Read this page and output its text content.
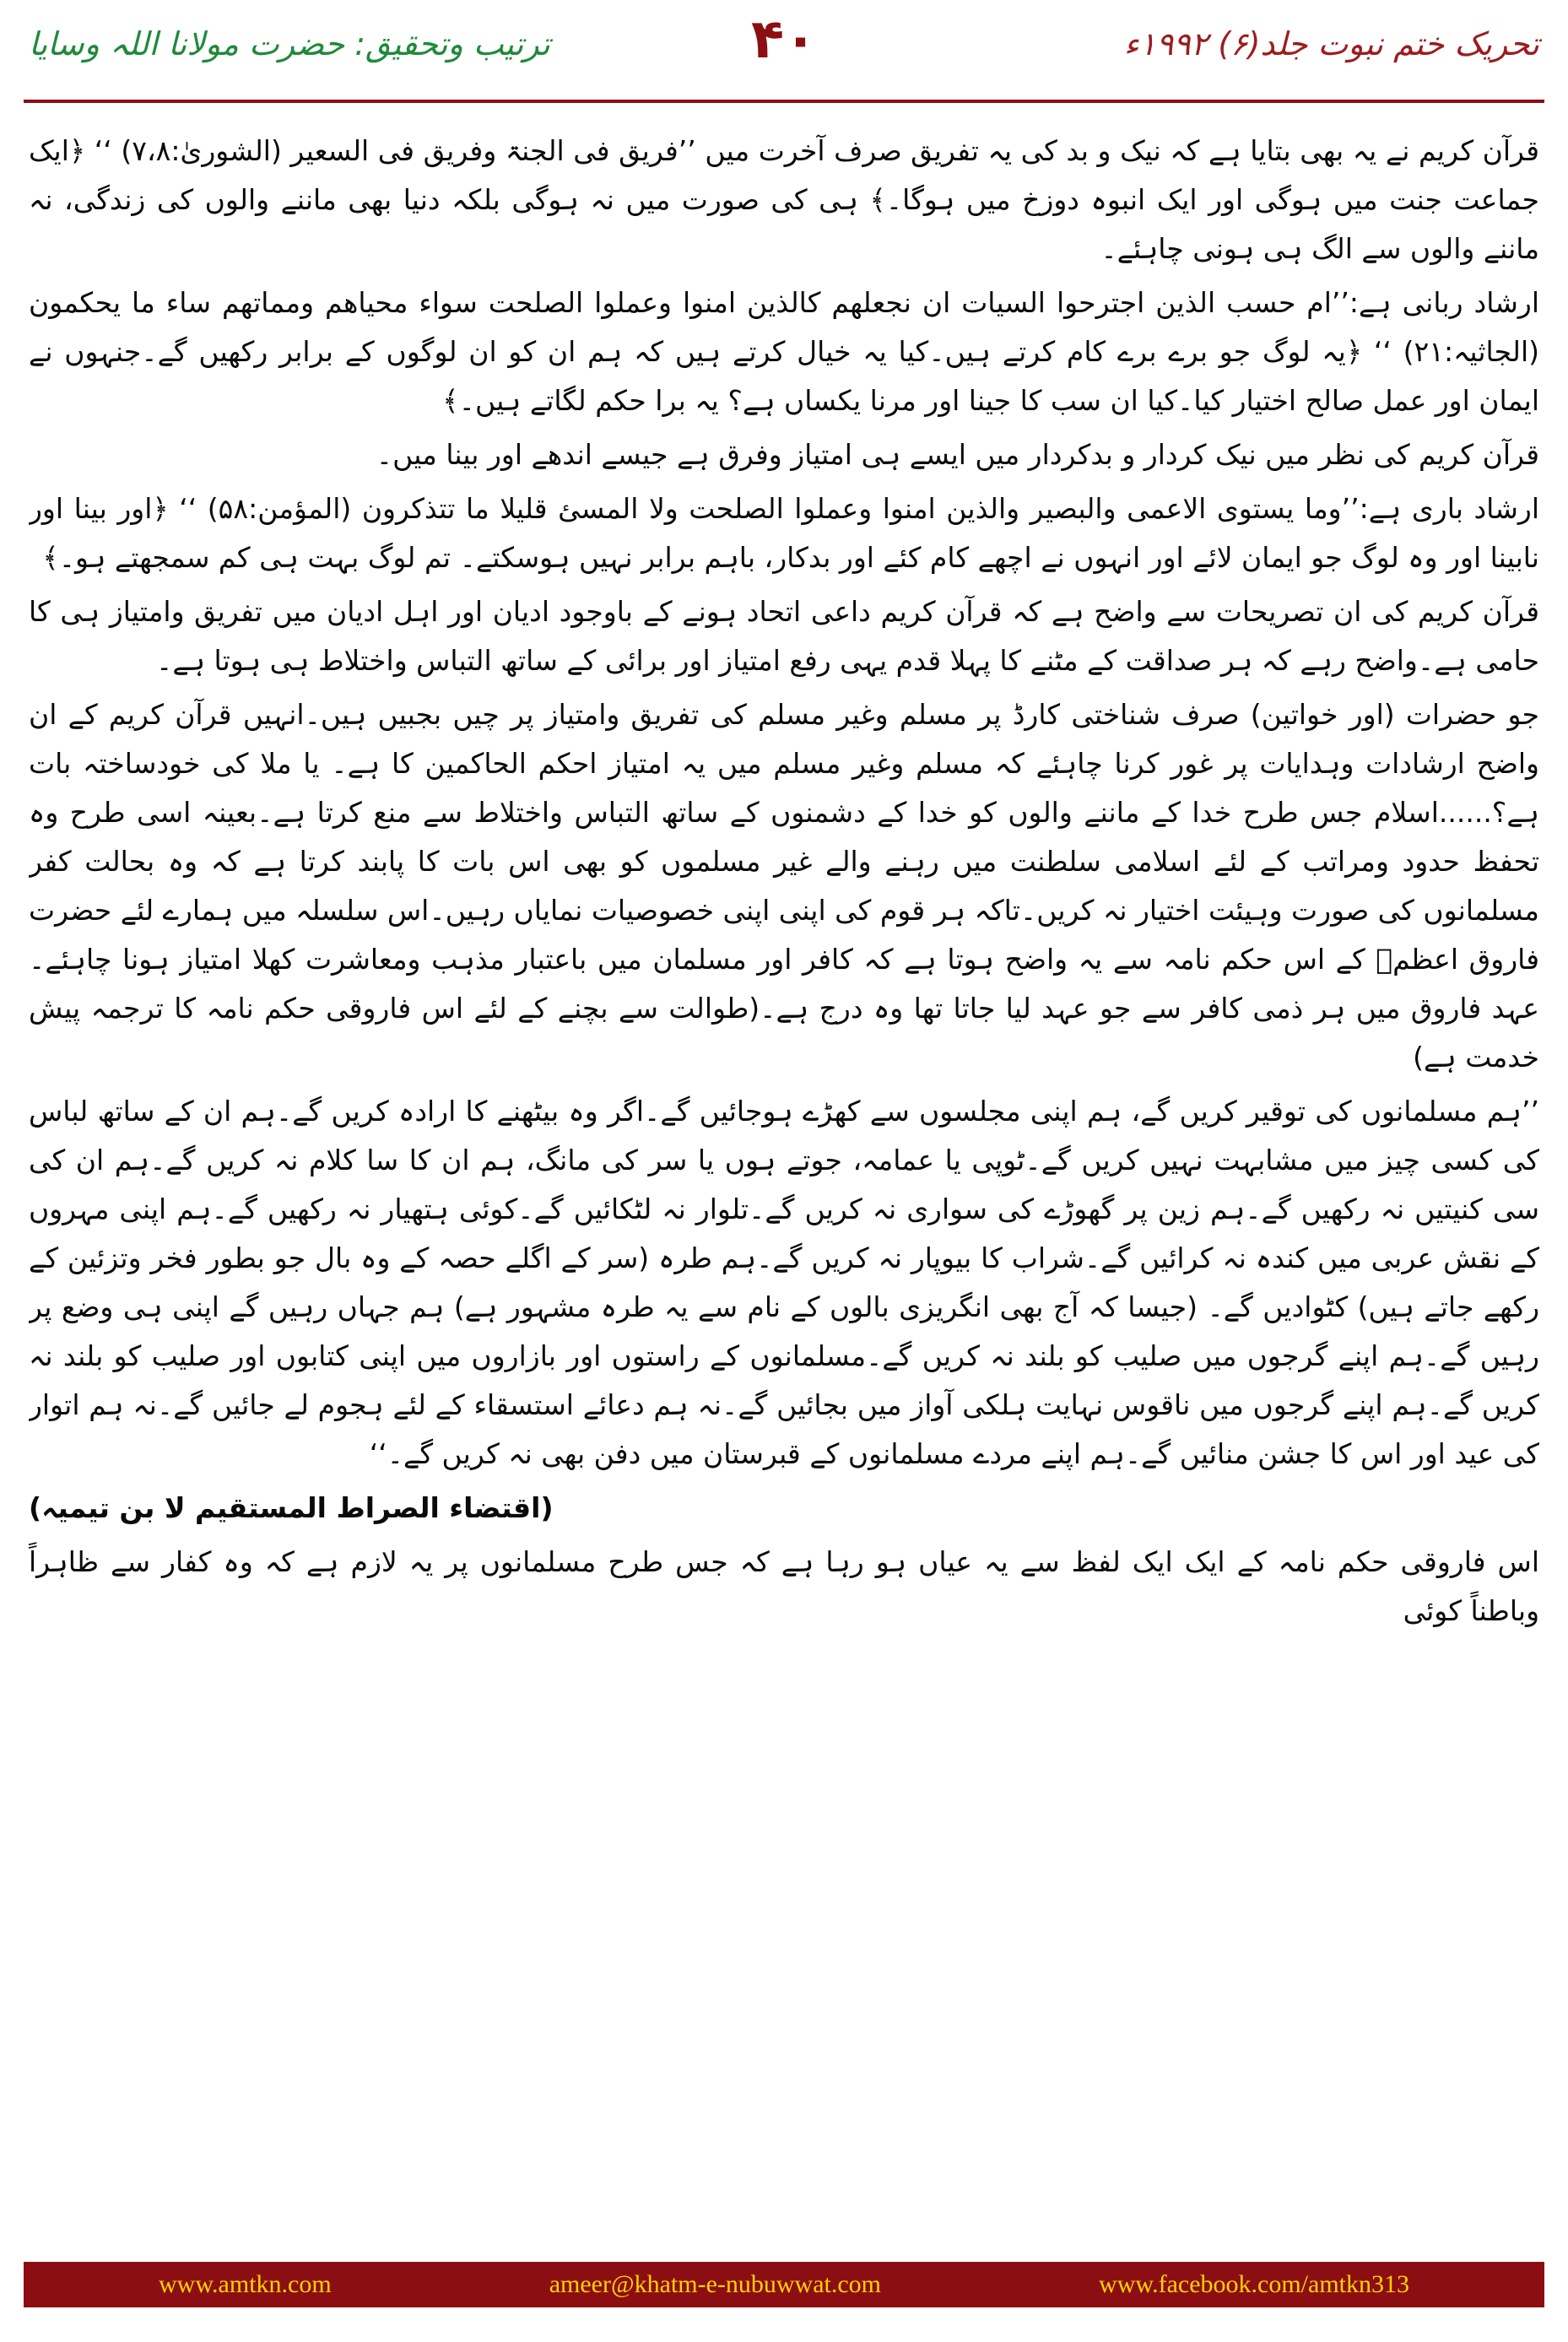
ترتیب وتحقیق: حضرت مولانا اللہ وسایا	۴۰	تحریک ختم نبوت جلد(۶) ۱۹۹۲ء

قرآن کریم نے یہ بھی بتایا ہے کہ نیک و بد کی یہ تفریق صرف آخرت میں ’’فریق فی الجنۃ وفریق فی السعیر (الشوریٰ:۷،۸) ‘‘ ﴿ایک جماعت جنت میں ہوگی اور ایک انبوہ دوزخ میں ہوگا۔﴾ ہی کی صورت میں نہ ہوگی بلکہ دنیا بھی ماننے والوں کی زندگی، نہ ماننے والوں سے الگ ہی ہونی چاہئے۔

ارشاد ربانی ہے:’’ام حسب الذین اجترحوا السیات ان نجعلھم کالذین امنوا وعملوا الصلحت سواء محیاھم ومماتھم ساء ما یحکمون (الجاثیہ:۲۱) ‘‘ ﴿یہ لوگ جو برے برے کام کرتے ہیں۔کیا یہ خیال کرتے ہیں کہ ہم ان کو ان لوگوں کے برابر رکھیں گے۔جنہوں نے ایمان اور عمل صالح اختیار کیا۔کیا ان سب کا جینا اور مرنا یکساں ہے؟ یہ برا حکم لگاتے ہیں۔﴾

قرآن کریم کی نظر میں نیک کردار و بدکردار میں ایسے ہی امتیاز وفرق ہے جیسے اندھے اور بینا میں۔

ارشاد باری ہے:’’وما یستوی الاعمی والبصیر والذین امنوا وعملوا الصلحت ولا المسئ قلیلا ما تتذکرون (المؤمن:۵۸) ‘‘ ﴿اور بینا اور نابینا اور وہ لوگ جو ایمان لائے اور انہوں نے اچھے کام کئے اور بدکار، باہم برابر نہیں ہوسکتے۔ تم لوگ بہت ہی کم سمجھتے ہو۔﴾

قرآن کریم کی ان تصریحات سے واضح ہے کہ قرآن کریم داعی اتحاد ہونے کے باوجود ادیان اور اہل ادیان میں تفریق وامتیاز ہی کا حامی ہے۔واضح رہے کہ ہر صداقت کے مٹنے کا پہلا قدم یہی رفع امتیاز اور برائی کے ساتھ التباس واختلاط ہی ہوتا ہے۔

جو حضرات (اور خواتین) صرف شناختی کارڈ پر مسلم وغیر مسلم کی تفریق وامتیاز پر چیں بجبیں ہیں۔انہیں قرآن کریم کے ان واضح ارشادات وہدایات پر غور کرنا چاہئے کہ مسلم وغیر مسلم میں یہ امتیاز احکم الحاکمین کا ہے۔ یا ملا کی خودساختہ بات ہے؟......اسلام جس طرح خدا کے ماننے والوں کو خدا کے دشمنوں کے ساتھ التباس واختلاط سے منع کرتا ہے۔بعینہ اسی طرح وہ تحفظ حدود ومراتب کے لئے اسلامی سلطنت میں رہنے والے غیر مسلموں کو بھی اس بات کا پابند کرتا ہے کہ وہ بحالت کفر مسلمانوں کی صورت وہیئت اختیار نہ کریں۔تاکہ ہر قوم کی اپنی اپنی خصوصیات نمایاں رہیں۔اس سلسلہ میں ہمارے لئے حضرت فاروق اعظمؓ کے اس حکم نامہ سے یہ واضح ہوتا ہے کہ کافر اور مسلمان میں باعتبار مذہب ومعاشرت کھلا امتیاز ہونا چاہئے۔عہد فاروق میں ہر ذمی کافر سے جو عہد لیا جاتا تھا وہ درج ہے۔(طوالت سے بچنے کے لئے اس فاروقی حکم نامہ کا ترجمہ پیش خدمت ہے)

’’ہم مسلمانوں کی توقیر کریں گے، ہم اپنی مجلسوں سے کھڑے ہوجائیں گے۔اگر وہ بیٹھنے کا ارادہ کریں گے۔ہم ان کے ساتھ لباس کی کسی چیز میں مشابہت نہیں کریں گے۔ٹوپی یا عمامہ، جوتے ہوں یا سر کی مانگ، ہم ان کا سا کلام نہ کریں گے۔ہم ان کی سی کنیتیں نہ رکھیں گے۔ہم زین پر گھوڑے کی سواری نہ کریں گے۔تلوار نہ لٹکائیں گے۔کوئی ہتھیار نہ رکھیں گے۔ہم اپنی مہروں کے نقش عربی میں کندہ نہ کرائیں گے۔شراب کا بیوپار نہ کریں گے۔ہم طرہ (سر کے اگلے حصہ کے وہ بال جو بطور فخر وتزئین کے رکھے جاتے ہیں) کٹوادیں گے۔ (جیسا کہ آج بھی انگریزی بالوں کے نام سے یہ طرہ مشہور ہے) ہم جہاں رہیں گے اپنی ہی وضع پر رہیں گے۔ہم اپنے گرجوں میں صلیب کو بلند نہ کریں گے۔مسلمانوں کے راستوں اور بازاروں میں اپنی کتابوں اور صلیب کو بلند نہ کریں گے۔ہم اپنے گرجوں میں ناقوس نہایت ہلکی آواز میں بجائیں گے۔نہ ہم دعائے استسقاء کے لئے ہجوم لے جائیں گے۔نہ ہم اتوار کی عید اور اس کا جشن منائیں گے۔ہم اپنے مردے مسلمانوں کے قبرستان میں دفن بھی نہ کریں گے۔‘‘

(اقتضاء الصراط المستقیم لا بن تیمیہ)

اس فاروقی حکم نامہ کے ایک ایک لفظ سے یہ عیاں ہو رہا ہے کہ جس طرح مسلمانوں پر یہ لازم ہے کہ وہ کفار سے ظاہراً وباطناً کوئی

www.amtkn.com	ameer@khatm-e-nubuwwat.com	www.facebook.com/amtkn313
